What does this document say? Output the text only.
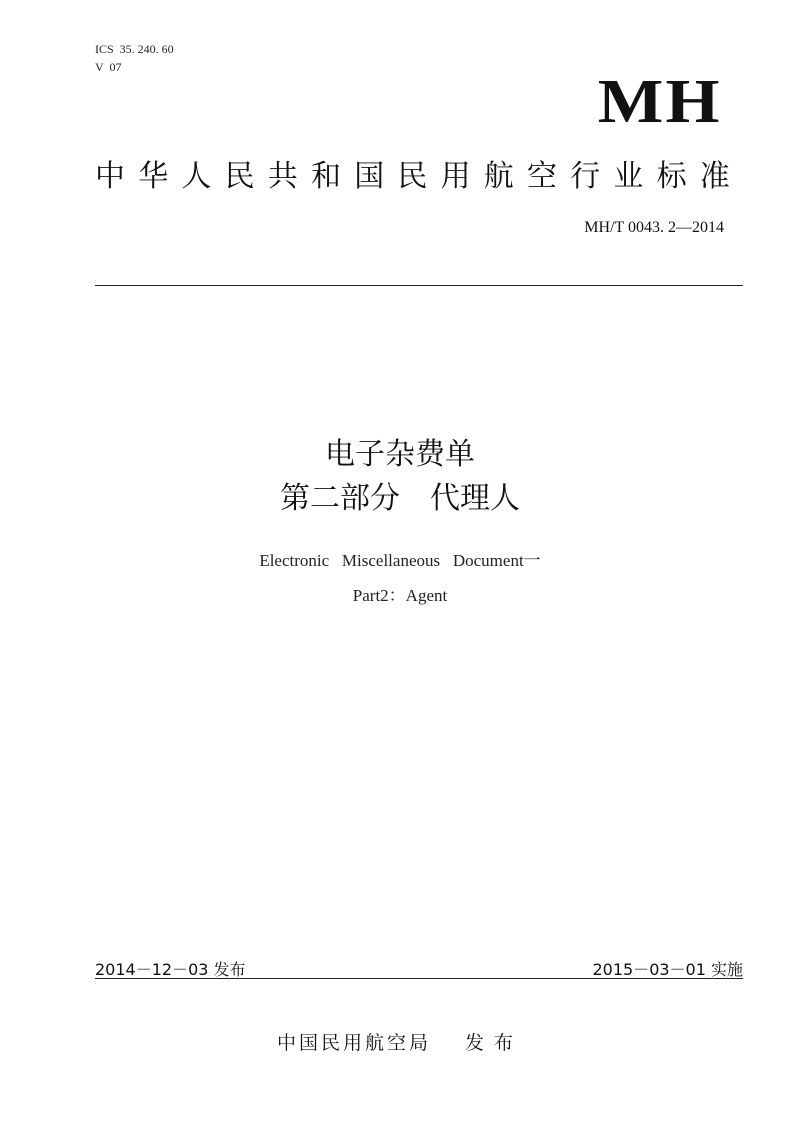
ICS  35. 240. 60
V  07
MH
中华人民共和国民用航空行业标准
MH/T 0043. 2—2014
电子杂费单
第二部分　代理人
Electronic   Miscellaneous   Document一
Part2：Agent
2014－12－03 发布	2015－03－01 实施
中国民用航空局 发布
